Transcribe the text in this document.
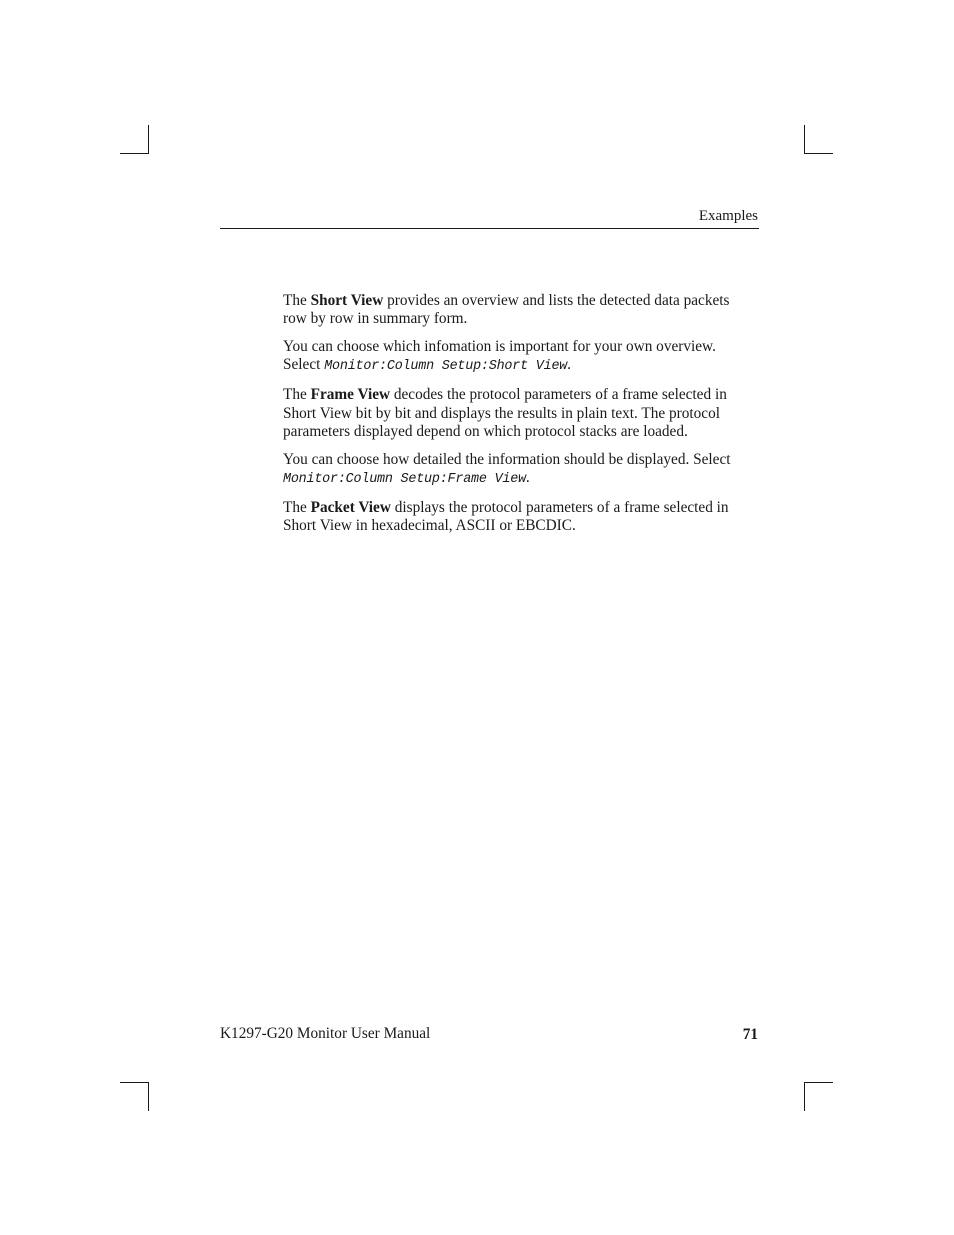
Examples

The Short View provides an overview and lists the detected data packets row by row in summary form.

You can choose which infomation is important for your own overview. Select Monitor:Column Setup:Short View.

The Frame View decodes the protocol parameters of a frame selected in Short View bit by bit and displays the results in plain text. The protocol parameters displayed depend on which protocol stacks are loaded.

You can choose how detailed the information should be displayed. Select Monitor:Column Setup:Frame View.

The Packet View displays the protocol parameters of a frame selected in Short View in hexadecimal, ASCII or EBCDIC.

K1297-G20 Monitor User Manual	71
